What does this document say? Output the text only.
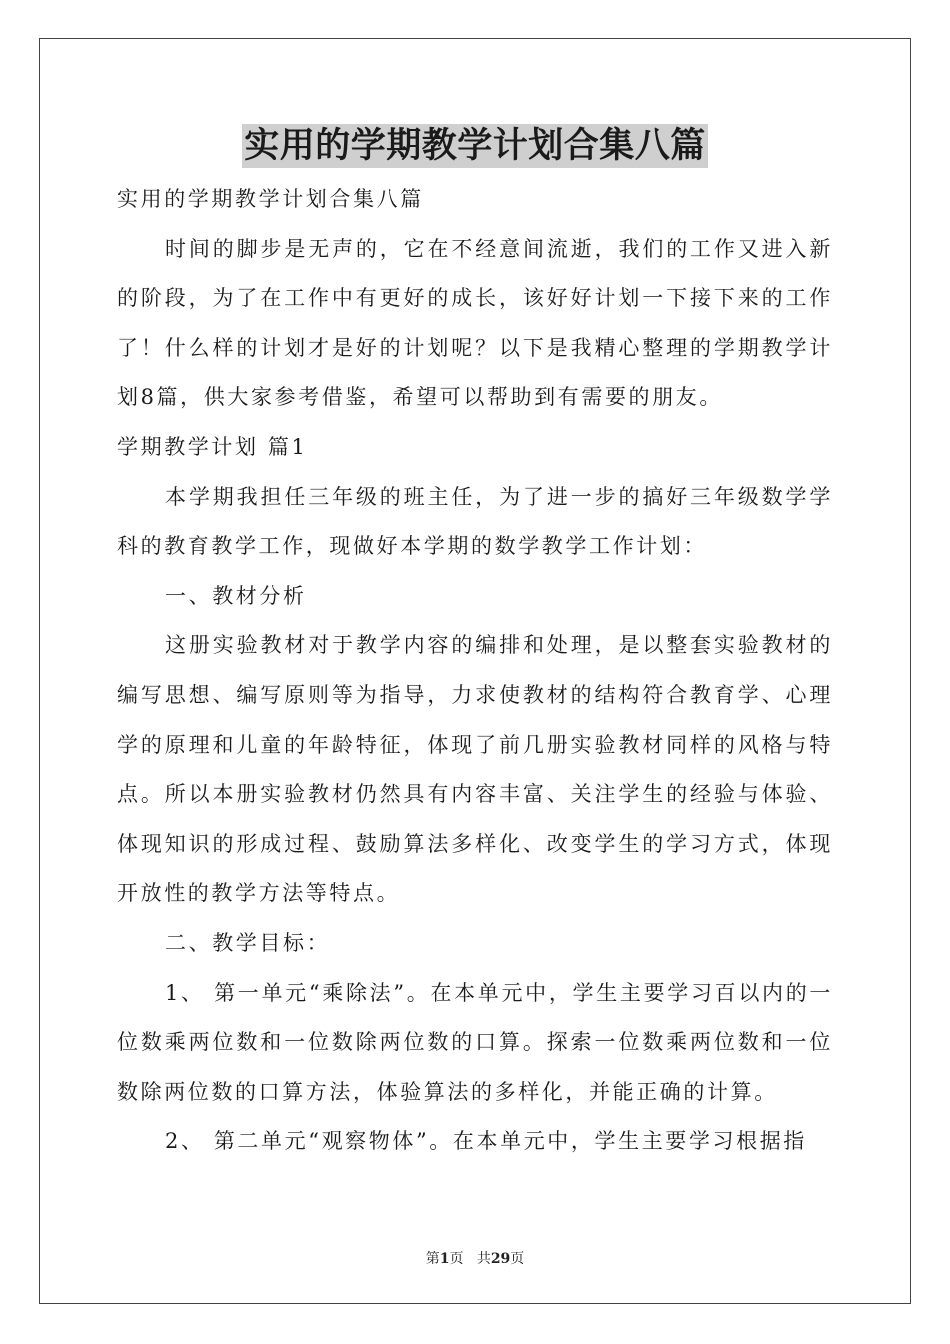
实用的学期教学计划合集八篇

实用的学期教学计划合集八篇

时间的脚步是无声的，它在不经意间流逝，我们的工作又进入新的阶段，为了在工作中有更好的成长，该好好计划一下接下来的工作了！什么样的计划才是好的计划呢？以下是我精心整理的学期教学计划8篇，供大家参考借鉴，希望可以帮助到有需要的朋友。

学期教学计划 篇1

本学期我担任三年级的班主任，为了进一步的搞好三年级数学学科的教育教学工作，现做好本学期的数学教学工作计划：

一、教材分析

这册实验教材对于教学内容的编排和处理，是以整套实验教材的编写思想、编写原则等为指导，力求使教材的结构符合教育学、心理学的原理和儿童的年龄特征，体现了前几册实验教材同样的风格与特点。所以本册实验教材仍然具有内容丰富、关注学生的经验与体验、体现知识的形成过程、鼓励算法多样化、改变学生的学习方式，体现开放性的教学方法等特点。

二、教学目标：

1、 第一单元“乘除法”。在本单元中，学生主要学习百以内的一位数乘两位数和一位数除两位数的口算。探索一位数乘两位数和一位数除两位数的口算方法，体验算法的多样化，并能正确的计算。

2、 第二单元“观察物体”。在本单元中，学生主要学习根据指

第1页 共29页
